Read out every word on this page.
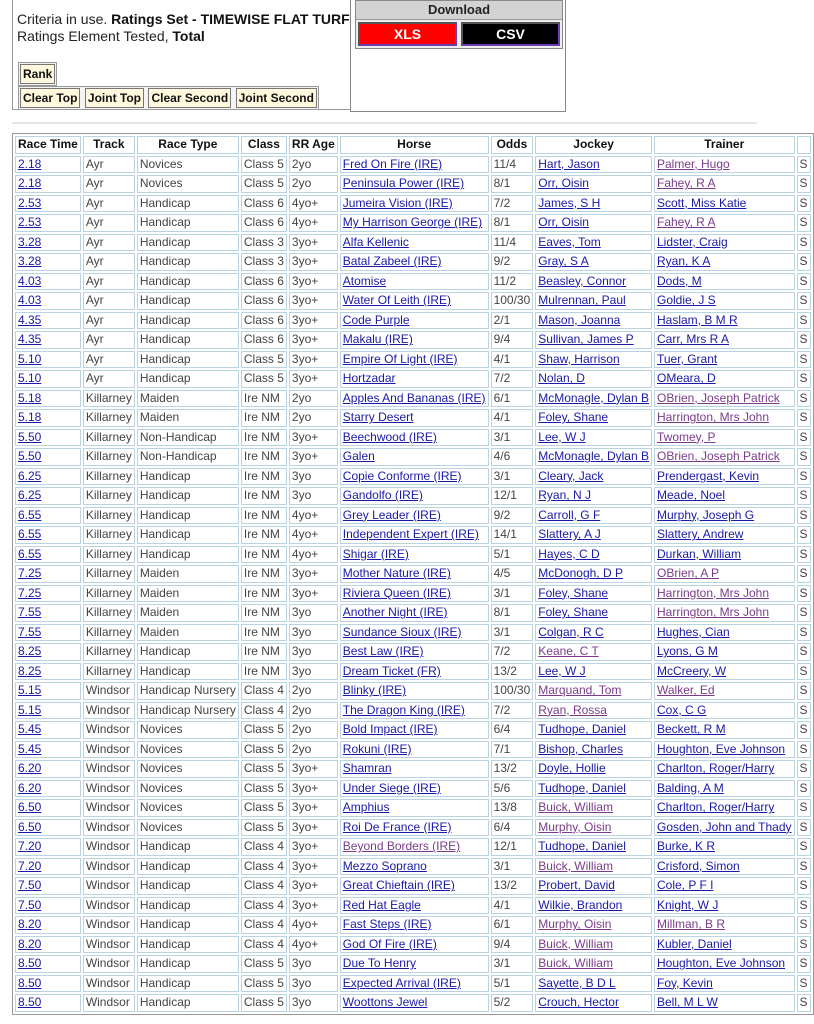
Criteria in use. Ratings Set - TIMEWISE FLAT TURF
Ratings Element Tested, Total
Rank
Clear Top Joint Top Clear Second Joint Second
Download
XLS	CSV
Race Time	Track	Race Type	Class	RR Age	Horse	Odds	Jockey	Trainer	
2.18	Ayr	Novices	Class 5	2yo	Fred On Fire (IRE)	11/4	Hart, Jason	Palmer, Hugo	S
2.18	Ayr	Novices	Class 5	2yo	Peninsula Power (IRE)	8/1	Orr, Oisin	Fahey, R A	S
2.53	Ayr	Handicap	Class 6	4yo+	Jumeira Vision (IRE)	7/2	James, S H	Scott, Miss Katie	S
2.53	Ayr	Handicap	Class 6	4yo+	My Harrison George (IRE)	8/1	Orr, Oisin	Fahey, R A	S
3.28	Ayr	Handicap	Class 3	3yo+	Alfa Kellenic	11/4	Eaves, Tom	Lidster, Craig	S
3.28	Ayr	Handicap	Class 3	3yo+	Batal Zabeel (IRE)	9/2	Gray, S A	Ryan, K A	S
4.03	Ayr	Handicap	Class 6	3yo+	Atomise	11/2	Beasley, Connor	Dods, M	S
4.03	Ayr	Handicap	Class 6	3yo+	Water Of Leith (IRE)	100/30	Mulrennan, Paul	Goldie, J S	S
4.35	Ayr	Handicap	Class 6	3yo+	Code Purple	2/1	Mason, Joanna	Haslam, B M R	S
4.35	Ayr	Handicap	Class 6	3yo+	Makalu (IRE)	9/4	Sullivan, James P	Carr, Mrs R A	S
5.10	Ayr	Handicap	Class 5	3yo+	Empire Of Light (IRE)	4/1	Shaw, Harrison	Tuer, Grant	S
5.10	Ayr	Handicap	Class 5	3yo+	Hortzadar	7/2	Nolan, D	OMeara, D	S
5.18	Killarney	Maiden	Ire NM	2yo	Apples And Bananas (IRE)	6/1	McMonagle, Dylan B	OBrien, Joseph Patrick	S
5.18	Killarney	Maiden	Ire NM	2yo	Starry Desert	4/1	Foley, Shane	Harrington, Mrs John	S
5.50	Killarney	Non-Handicap	Ire NM	3yo+	Beechwood (IRE)	3/1	Lee, W J	Twomey, P	S
5.50	Killarney	Non-Handicap	Ire NM	3yo+	Galen	4/6	McMonagle, Dylan B	OBrien, Joseph Patrick	S
6.25	Killarney	Handicap	Ire NM	3yo	Copie Conforme (IRE)	3/1	Cleary, Jack	Prendergast, Kevin	S
6.25	Killarney	Handicap	Ire NM	3yo	Gandolfo (IRE)	12/1	Ryan, N J	Meade, Noel	S
6.55	Killarney	Handicap	Ire NM	4yo+	Grey Leader (IRE)	9/2	Carroll, G F	Murphy, Joseph G	S
6.55	Killarney	Handicap	Ire NM	4yo+	Independent Expert (IRE)	14/1	Slattery, A J	Slattery, Andrew	S
6.55	Killarney	Handicap	Ire NM	4yo+	Shigar (IRE)	5/1	Hayes, C D	Durkan, William	S
7.25	Killarney	Maiden	Ire NM	3yo+	Mother Nature (IRE)	4/5	McDonogh, D P	OBrien, A P	S
7.25	Killarney	Maiden	Ire NM	3yo+	Riviera Queen (IRE)	3/1	Foley, Shane	Harrington, Mrs John	S
7.55	Killarney	Maiden	Ire NM	3yo	Another Night (IRE)	8/1	Foley, Shane	Harrington, Mrs John	S
7.55	Killarney	Maiden	Ire NM	3yo	Sundance Sioux (IRE)	3/1	Colgan, R C	Hughes, Cian	S
8.25	Killarney	Handicap	Ire NM	3yo	Best Law (IRE)	7/2	Keane, C T	Lyons, G M	S
8.25	Killarney	Handicap	Ire NM	3yo	Dream Ticket (FR)	13/2	Lee, W J	McCreery, W	S
5.15	Windsor	Handicap Nursery	Class 4	2yo	Blinky (IRE)	100/30	Marquand, Tom	Walker, Ed	S
5.15	Windsor	Handicap Nursery	Class 4	2yo	The Dragon King (IRE)	7/2	Ryan, Rossa	Cox, C G	S
5.45	Windsor	Novices	Class 5	2yo	Bold Impact (IRE)	6/4	Tudhope, Daniel	Beckett, R M	S
5.45	Windsor	Novices	Class 5	2yo	Rokuni (IRE)	7/1	Bishop, Charles	Houghton, Eve Johnson	S
6.20	Windsor	Novices	Class 5	3yo+	Shamran	13/2	Doyle, Hollie	Charlton, Roger/Harry	S
6.20	Windsor	Novices	Class 5	3yo+	Under Siege (IRE)	5/6	Tudhope, Daniel	Balding, A M	S
6.50	Windsor	Novices	Class 5	3yo+	Amphius	13/8	Buick, William	Charlton, Roger/Harry	S
6.50	Windsor	Novices	Class 5	3yo+	Roi De France (IRE)	6/4	Murphy, Oisin	Gosden, John and Thady	S
7.20	Windsor	Handicap	Class 4	3yo+	Beyond Borders (IRE)	12/1	Tudhope, Daniel	Burke, K R	S
7.20	Windsor	Handicap	Class 4	3yo+	Mezzo Soprano	3/1	Buick, William	Crisford, Simon	S
7.50	Windsor	Handicap	Class 4	3yo+	Great Chieftain (IRE)	13/2	Probert, David	Cole, P F I	S
7.50	Windsor	Handicap	Class 4	3yo+	Red Hat Eagle	4/1	Wilkie, Brandon	Knight, W J	S
8.20	Windsor	Handicap	Class 4	4yo+	Fast Steps (IRE)	6/1	Murphy, Oisin	Millman, B R	S
8.20	Windsor	Handicap	Class 4	4yo+	God Of Fire (IRE)	9/4	Buick, William	Kubler, Daniel	S
8.50	Windsor	Handicap	Class 5	3yo	Due To Henry	3/1	Buick, William	Houghton, Eve Johnson	S
8.50	Windsor	Handicap	Class 5	3yo	Expected Arrival (IRE)	5/1	Sayette, B D L	Foy, Kevin	S
8.50	Windsor	Handicap	Class 5	3yo	Woottons Jewel	5/2	Crouch, Hector	Bell, M L W	S
